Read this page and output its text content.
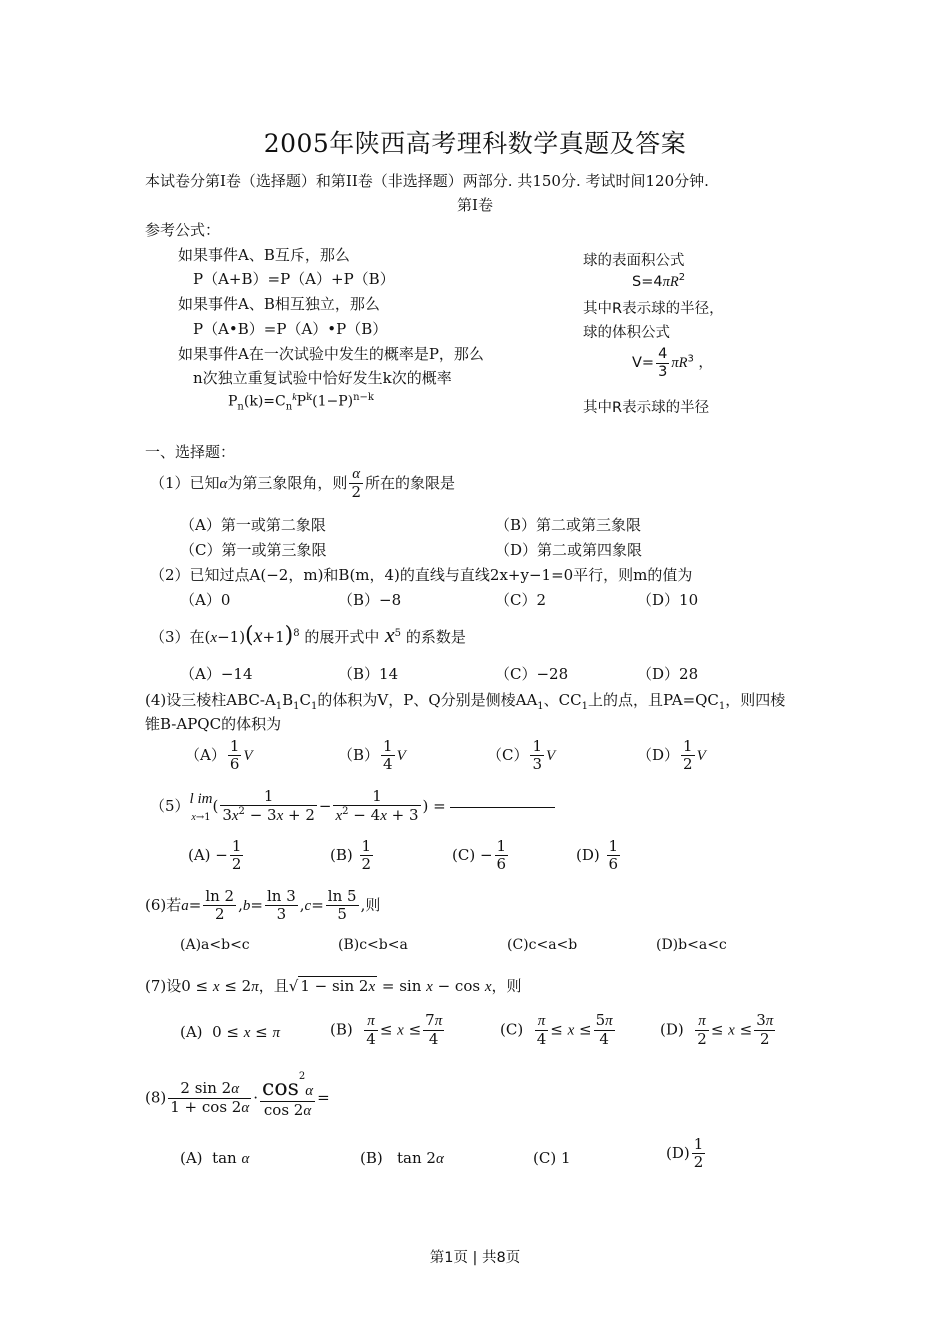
2005年陕西高考理科数学真题及答案
本试卷分第I卷（选择题）和第II卷（非选择题）两部分. 共150分. 考试时间120分钟.
第I卷
参考公式：
如果事件A、B互斥，那么
P（A+B）=P（A）+P（B）
如果事件A、B相互独立，那么
P（A•B）=P（A）•P（B）
如果事件A在一次试验中发生的概率是P，那么
n次独立重复试验中恰好发生k次的概率
$P_n(k)=C_n^kP^k(1-P)^{n-k}$
球的表面积公式
$S=4\pi R^2$
其中R表示球的半径，
球的体积公式
$V= \frac{4}{3} \pi R^3$ ，
其中R表示球的半径
一、选择题：
（1）已知α为第三象限角，则 $\frac{\alpha}{2}$ 所在的象限是
（A）第一或第二象限	（B）第二或第三象限
（C）第一或第三象限	（D）第二或第四象限
（2）已知过点A(−2，m)和B(m，4)的直线与直线2x+y−1=0平行，则m的值为
（A）0	（B）−8	（C）2	（D）10
（3）在$(x-1)(x+1)^8$ 的展开式中 $x^5$ 的系数是
（A）−14	（B）14	（C）−28	（D）28
(4)设三棱柱ABC-$A_1B_1C_1$的体积为V，P、Q分别是侧棱$AA_1$、$CC_1$上的点，且$PA=QC_1$，则四棱
锥B-APQC的体积为
$(A) \frac{1}{6}$ V	$(B) \frac{1}{4}$ V	$(C) \frac{1}{3}$ V	$(D) \frac{1}{2}$ V
（5）l im
$x\to 1( \frac{1}{3x^2 - 3x + 2} - \frac{1}{x^2 - 4x + 3}$ ) =
$(A) - \frac{1}{2}$	$(B) \frac{1}{2}$	$(C) - \frac{1}{6}$	$(D) \frac{1}{6}$
(6)若$a= \frac{\ln 2}{2} ,b= \frac{\ln 3}{3} ,c= \frac{\ln 5}{5}$ ,则
(A)a<b<c	(B)c<b<a	(C)c<a<b	(D)b<a<c
(7)设0 ≤ x ≤ 2π，且√ 1 − sin 2x = sin x − cos x，则
(A)  0 ≤ x ≤ π	$(B) \frac{\pi}{4} \le x \le \frac{7\pi}{4}$	$(C) \frac{\pi}{4} \le x \le \frac{5\pi}{4}$	$(D) \frac{\pi}{2} \le x \le \frac{3\pi}{2}$
$(8) \frac{2 \sin 2\alpha}{1 + \cos 2\alpha} \cdot \frac{\cos^2\alpha}{\cos 2\alpha}$ =
(A)  tan α	(B)   tan 2α	(C) 1	$(D) \frac{1}{2}$
第1页 | 共8页
